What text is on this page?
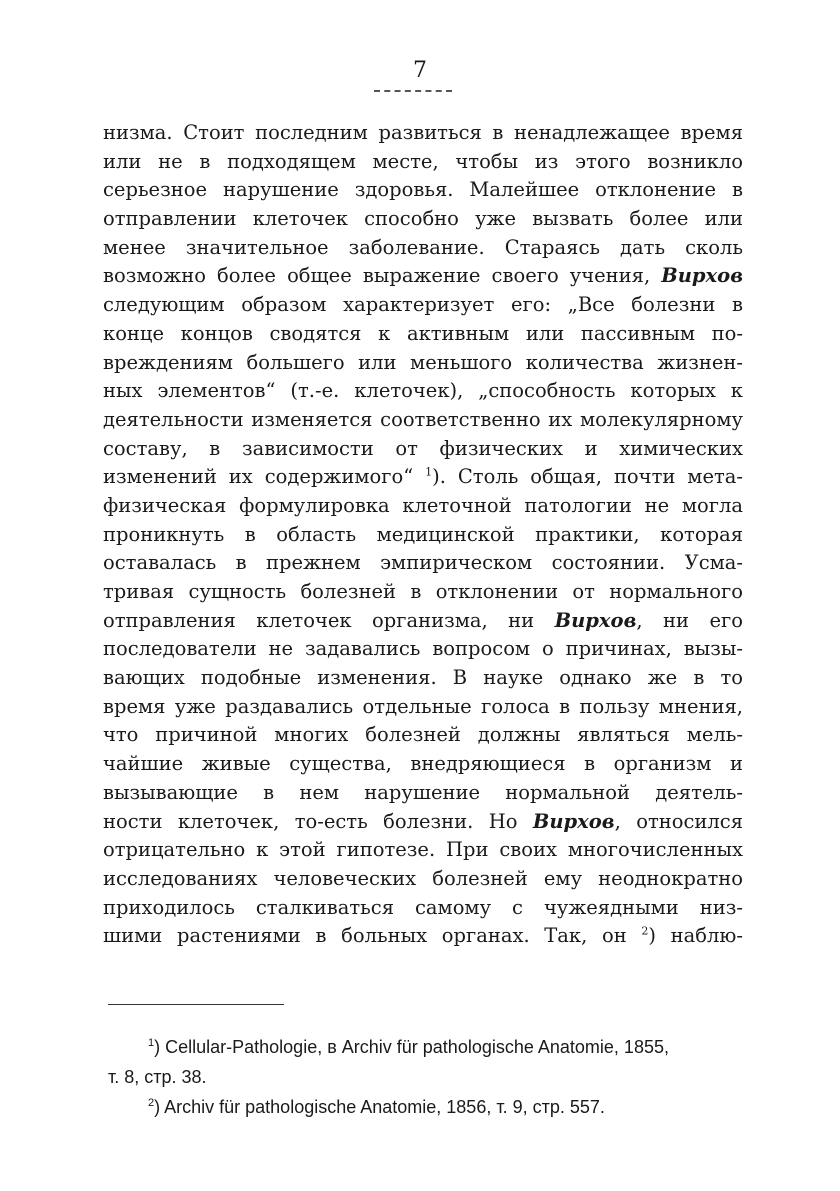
7
низма. Стоит последним развиться в ненадлежащее время
или не в подходящем месте, чтобы из этого возникло
серьезное нарушение здоровья. Малейшее отклонение в
отправлении клеточек способно уже вызвать более или
менее значительное заболевание. Стараясь дать сколь
возможно более общее выражение своего учения, Вирхов
следующим образом характеризует его: „Все болезни в
конце концов сводятся к активным или пассивным по-
вреждениям большего или меньшого количества жизнен-
ных элементов“ (т.-е. клеточек), „способность которых к
деятельности изменяется соответственно их молекулярному
составу, в зависимости от физических и химических
изменений их содержимого“ $^1$). Столь общая, почти мета-
физическая формулировка клеточной патологии не могла
проникнуть в область медицинской практики, которая
оставалась в прежнем эмпирическом состоянии. Усма-
тривая сущность болезней в отклонении от нормального
отправления клеточек организма, ни Вирхов, ни его
последователи не задавались вопросом о причинах, вызы-
вающих подобные изменения. В науке однако же в то
время уже раздавались отдельные голоса в пользу мнения,
что причиной многих болезней должны являться мель-
чайшие живые существа, внедряющиеся в организм и
вызывающие в нем нарушение нормальной деятель-
ности клеточек, то-есть болезни. Но Вирхов, относился
отрицательно к этой гипотезе. При своих многочисленных
исследованиях человеческих болезней ему неоднократно
приходилось сталкиваться самому с чужеядными низ-
шими растениями в больных органах. Так, он $^2$) наблю-
$^1$) Cellular-Pathologie, в Archiv für pathologische Anatomie, 1855,
т. 8, стр. 38.
$^2$) Archiv für pathologische Anatomie, 1856, т. 9, стр. 557.
